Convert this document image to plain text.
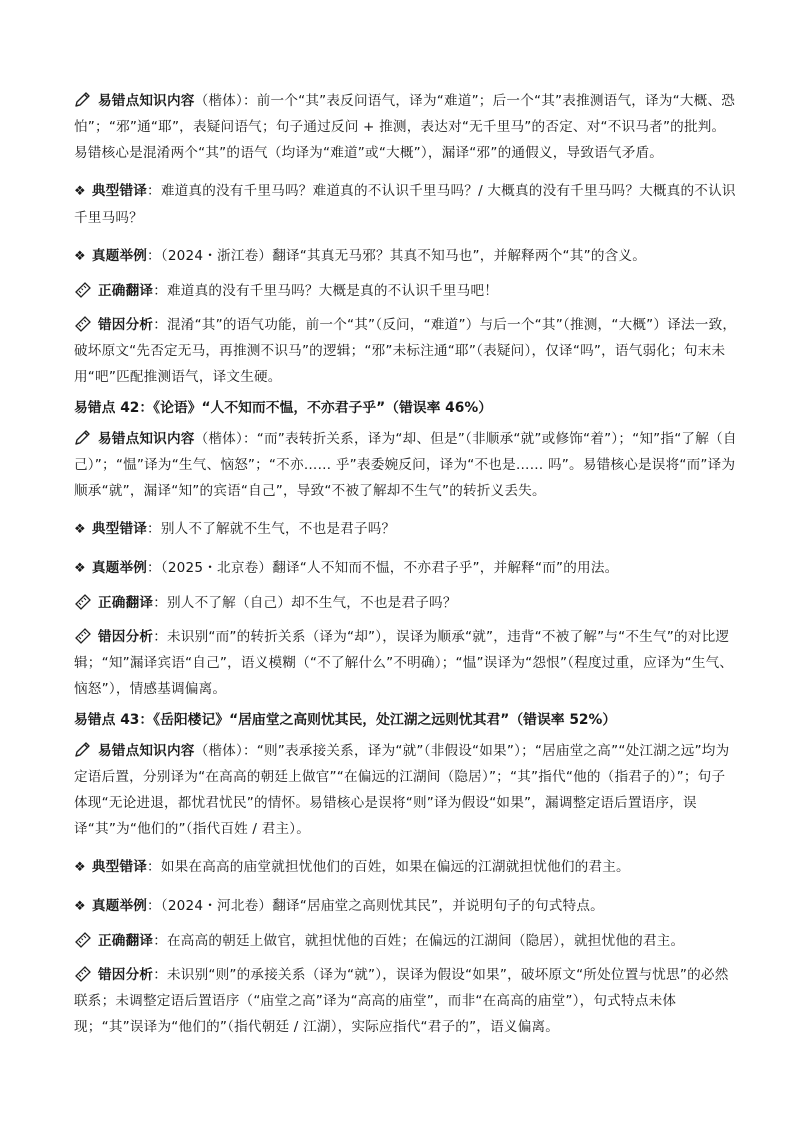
易错点知识内容（楷体）：前一个“其”表反问语气，译为“难道”；后一个“其”表推测语气，译为“大概、恐怕”；“邪”通“耶”，表疑问语气；句子通过反问 + 推测，表达对“无千里马”的否定、对“不识马者”的批判。易错核心是混淆两个“其”的语气（均译为“难道”或“大概”），漏译“邪”的通假义，导致语气矛盾。
❖ 典型错译：难道真的没有千里马吗？难道真的不认识千里马吗？/ 大概真的没有千里马吗？大概真的不认识千里马吗？
❖ 真题举例：（2024・浙江卷）翻译“其真无马邪？其真不知马也”，并解释两个“其”的含义。
正确翻译：难道真的没有千里马吗？大概是真的不认识千里马吧！
错因分析：混淆“其”的语气功能，前一个“其”（反问，“难道”）与后一个“其”（推测，“大概”）译法一致，破坏原文“先否定无马，再推测不识马”的逻辑；“邪”未标注通“耶”（表疑问），仅译“吗”，语气弱化；句末未用“吧”匹配推测语气，译文生硬。
易错点 42：《论语》“人不知而不愠，不亦君子乎”（错误率 46%）
易错点知识内容（楷体）：“而”表转折关系，译为“却、但是”（非顺承“就”或修饰“着”）；“知”指“了解（自己）”；“愠”译为“生气、恼怒”；“不亦…… 乎”表委婉反问，译为“不也是…… 吗”。易错核心是误将“而”译为顺承“就”，漏译“知”的宾语“自己”，导致“不被了解却不生气”的转折义丢失。
❖ 典型错译：别人不了解就不生气，不也是君子吗？
❖ 真题举例：（2025・北京卷）翻译“人不知而不愠，不亦君子乎”，并解释“而”的用法。
正确翻译：别人不了解（自己）却不生气，不也是君子吗？
错因分析：未识别“而”的转折关系（译为“却”），误译为顺承“就”，违背“不被了解”与“不生气”的对比逻辑；“知”漏译宾语“自己”，语义模糊（“不了解什么”不明确）；“愠”误译为“怨恨”（程度过重，应译为“生气、恼怒”），情感基调偏离。
易错点 43：《岳阳楼记》“居庙堂之高则忧其民，处江湖之远则忧其君”（错误率 52%）
易错点知识内容（楷体）：“则”表承接关系，译为“就”（非假设“如果”）；“居庙堂之高”“处江湖之远”均为定语后置，分别译为“在高高的朝廷上做官”“在偏远的江湖间（隐居）”；“其”指代“他的（指君子的）”；句子体现“无论进退，都忧君忧民”的情怀。易错核心是误将“则”译为假设“如果”，漏调整定语后置语序，误译“其”为“他们的”（指代百姓 / 君主）。
❖ 典型错译：如果在高高的庙堂就担忧他们的百姓，如果在偏远的江湖就担忧他们的君主。
❖ 真题举例：（2024・河北卷）翻译“居庙堂之高则忧其民”，并说明句子的句式特点。
正确翻译：在高高的朝廷上做官，就担忧他的百姓；在偏远的江湖间（隐居），就担忧他的君主。
错因分析：未识别“则”的承接关系（译为“就”），误译为假设“如果”，破坏原文“所处位置与忧思”的必然联系；未调整定语后置语序（“庙堂之高”译为“高高的庙堂”，而非“在高高的庙堂”），句式特点未体现；“其”误译为“他们的”（指代朝廷 / 江湖），实际应指代“君子的”，语义偏离。
